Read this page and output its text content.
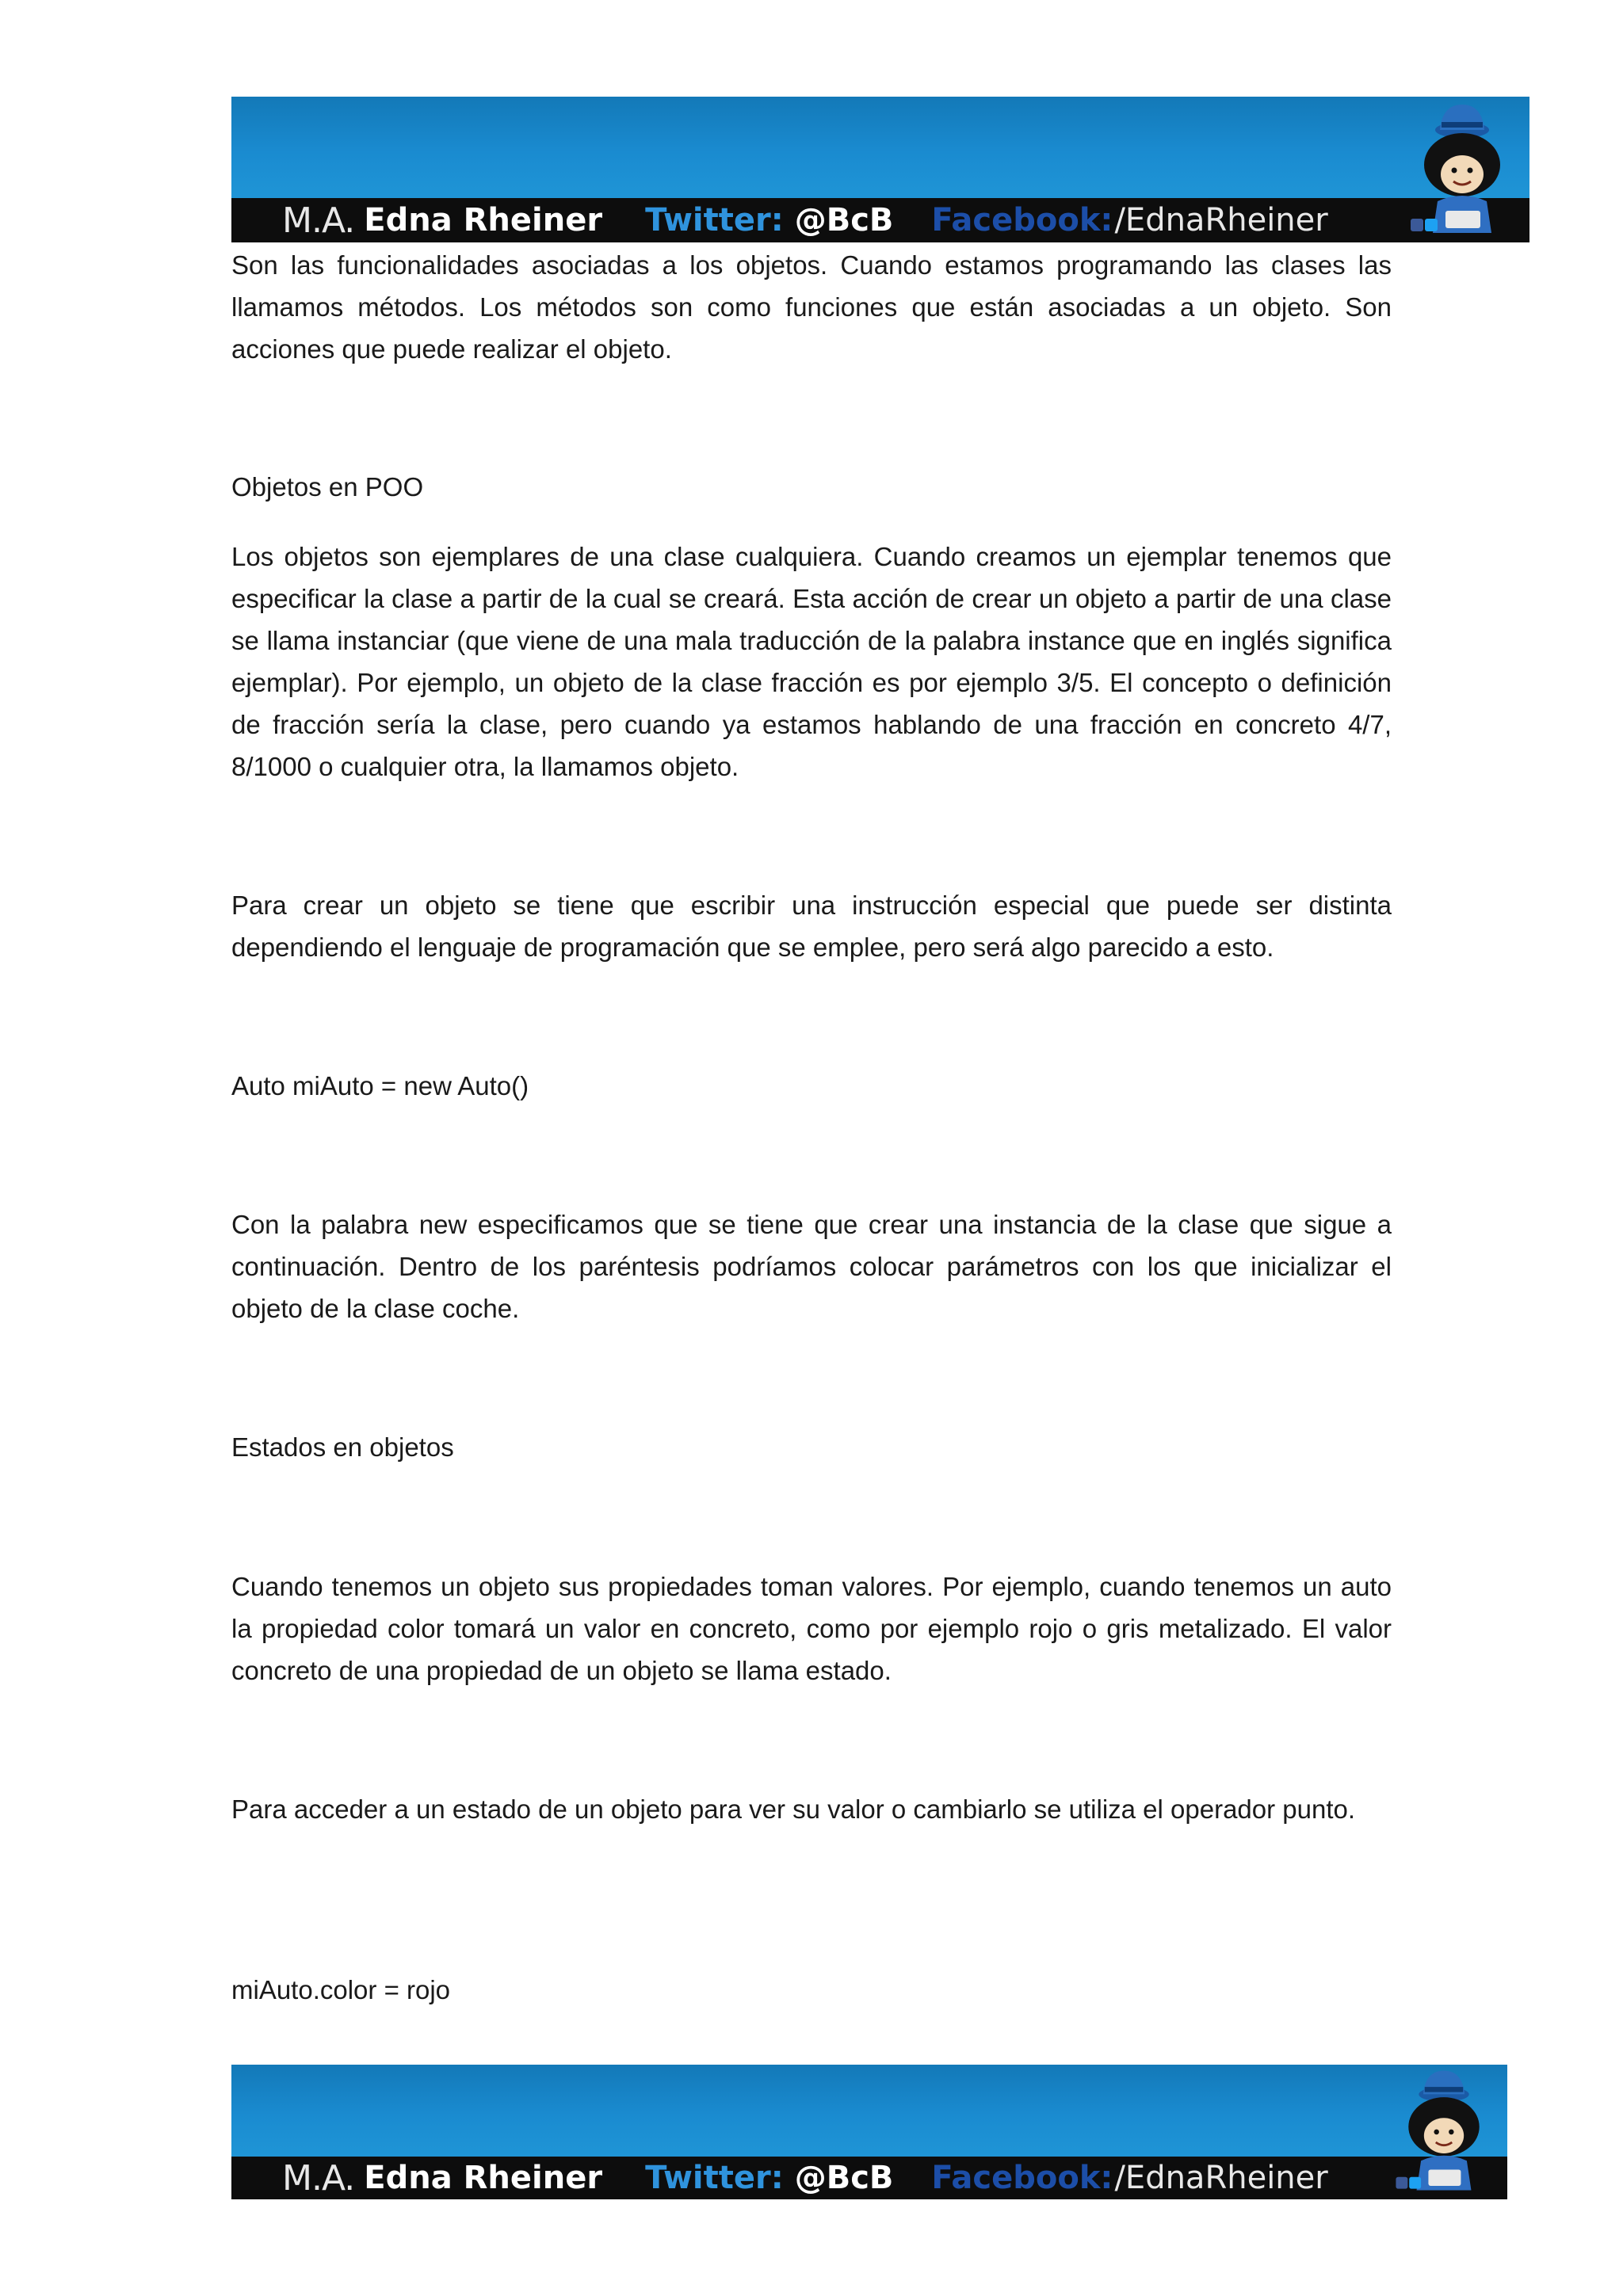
M.A. Edna Rheiner Twitter: @BcB Facebook: /EdnaRheiner

Son las funcionalidades asociadas a los objetos. Cuando estamos programando las clases las llamamos métodos. Los métodos son como funciones que están asociadas a un objeto. Son acciones que puede realizar el objeto.

Objetos en POO

Los objetos son ejemplares de una clase cualquiera. Cuando creamos un ejemplar tenemos que especificar la clase a partir de la cual se creará. Esta acción de crear un objeto a partir de una clase se llama instanciar (que viene de una mala traducción de la palabra instance que en inglés significa ejemplar). Por ejemplo, un objeto de la clase fracción es por ejemplo 3/5. El concepto o definición de fracción sería la clase, pero cuando ya estamos hablando de una fracción en concreto 4/7, 8/1000 o cualquier otra, la llamamos objeto.

Para crear un objeto se tiene que escribir una instrucción especial que puede ser distinta dependiendo el lenguaje de programación que se emplee, pero será algo parecido a esto.

Auto miAuto = new Auto()

Con la palabra new especificamos que se tiene que crear una instancia de la clase que sigue a continuación. Dentro de los paréntesis podríamos colocar parámetros con los que inicializar el objeto de la clase coche.

Estados en objetos

Cuando tenemos un objeto sus propiedades toman valores. Por ejemplo, cuando tenemos un auto la propiedad color tomará un valor en concreto, como por ejemplo rojo o gris metalizado. El valor concreto de una propiedad de un objeto se llama estado.

Para acceder a un estado de un objeto para ver su valor o cambiarlo se utiliza el operador punto.

miAuto.color = rojo

M.A. Edna Rheiner Twitter: @BcB Facebook: /EdnaRheiner
